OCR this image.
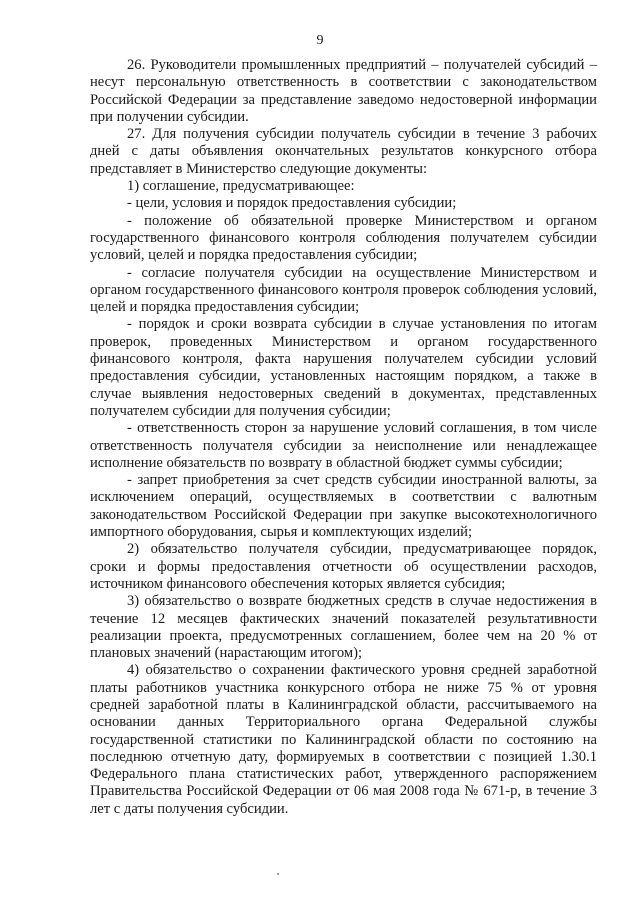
9

26. Руководители промышленных предприятий – получателей субсидий – несут персональную ответственность в соответствии с законодательством Российской Федерации за представление заведомо недостоверной информации при получении субсидии.

27. Для получения субсидии получатель субсидии в течение 3 рабочих дней с даты объявления окончательных результатов конкурсного отбора представляет в Министерство следующие документы:

1) соглашение, предусматривающее:

- цели, условия и порядок предоставления субсидии;

- положение об обязательной проверке Министерством и органом государственного финансового контроля соблюдения получателем субсидии условий, целей и порядка предоставления субсидии;

- согласие получателя субсидии на осуществление Министерством и органом государственного финансового контроля проверок соблюдения условий, целей и порядка предоставления субсидии;

- порядок и сроки возврата субсидии в случае установления по итогам проверок, проведенных Министерством и органом государственного финансового контроля, факта нарушения получателем субсидии условий предоставления субсидии, установленных настоящим порядком, а также в случае выявления недостоверных сведений в документах, представленных получателем субсидии для получения субсидии;

- ответственность сторон за нарушение условий соглашения, в том числе ответственность получателя субсидии за неисполнение или ненадлежащее исполнение обязательств по возврату в областной бюджет суммы субсидии;

- запрет приобретения за счет средств субсидии иностранной валюты, за исключением операций, осуществляемых в соответствии с валютным законодательством Российской Федерации при закупке высокотехнологичного импортного оборудования, сырья и комплектующих изделий;

2) обязательство получателя субсидии, предусматривающее порядок, сроки и формы предоставления отчетности об осуществлении расходов, источником финансового обеспечения которых является субсидия;

3) обязательство о возврате бюджетных средств в случае недостижения в течение 12 месяцев фактических значений показателей результативности реализации проекта, предусмотренных соглашением, более чем на 20 % от плановых значений (нарастающим итогом);

4) обязательство о сохранении фактического уровня средней заработной платы работников участника конкурсного отбора не ниже 75 % от уровня средней заработной платы в Калининградской области, рассчитываемого на основании данных Территориального органа Федеральной службы государственной статистики по Калининградской области по состоянию на последнюю отчетную дату, формируемых в соответствии с позицией 1.30.1 Федерального плана статистических работ, утвержденного распоряжением Правительства Российской Федерации от 06 мая 2008 года № 671-р, в течение 3 лет с даты получения субсидии.
